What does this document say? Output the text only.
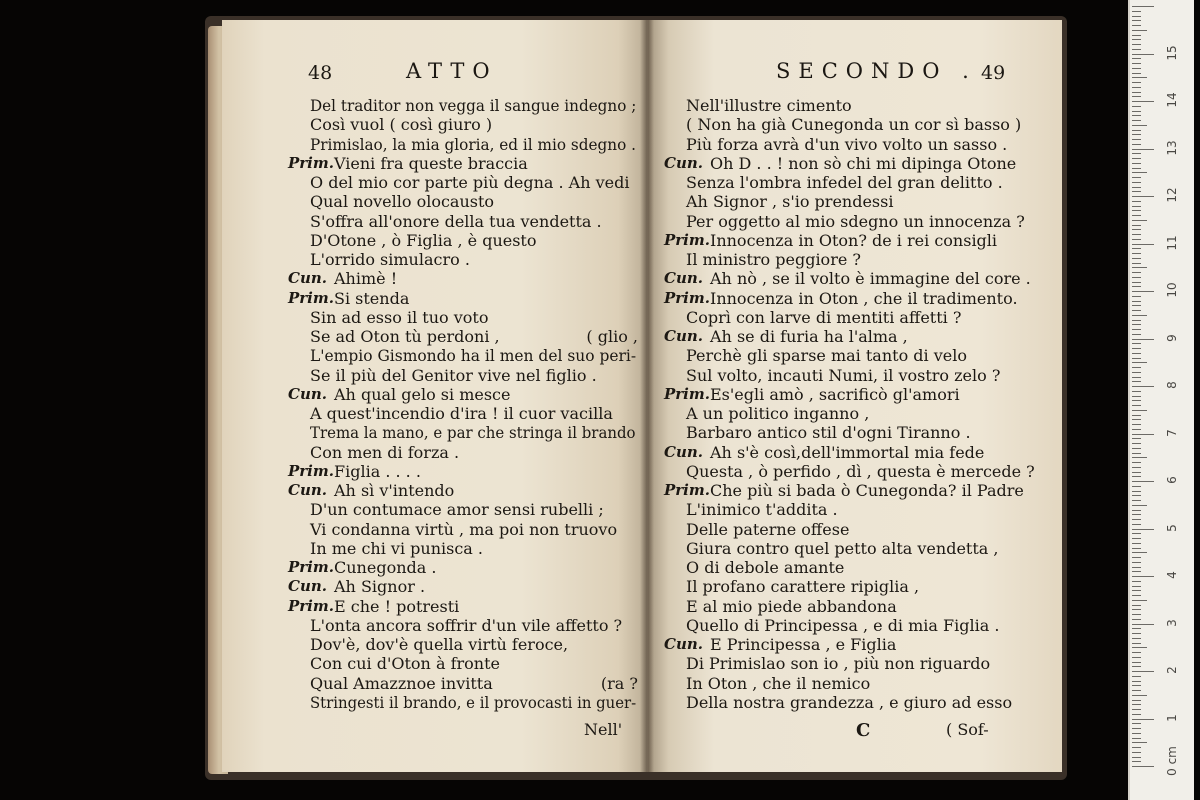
48	ATTO
Del traditor non vegga il sangue indegno ;
Così vuol ( così giuro )
Primislao, la mia gloria, ed il mio sdegno .
Prim. Vieni fra queste braccia
O del mio cor parte più degna . Ah vedi
Qual novello olocausto
S'offra all'onore della tua vendetta .
D'Otone , ò Figlia , è questo
L'orrido simulacro .
Cun. Ahimè !
Prim. Si stenda
Sin ad esso il tuo voto
Se ad Oton tù perdoni ,	( glio ,
L'empio Gismondo ha il men del suo peri-
Se il più del Genitor vive nel figlio .
Cun. Ah qual gelo si mesce
A quest'incendio d'ira ! il cuor vacilla
Trema la mano, e par che stringa il brando
Con men di forza .
Prim. Figlia . . . .
Cun. Ah sì v'intendo
D'un contumace amor sensi rubelli ;
Vi condanna virtù , ma poi non truovo
In me chi vi punisca .
Prim. Cunegonda .
Cun. Ah Signor .
Prim. E che ! potresti
L'onta ancora soffrir d'un vile affetto ?
Dov'è, dov'è quella virtù feroce,
Con cui d'Oton à fronte
Qual Amazznoe invitta	(ra ?
Stringesti il brando, e il provocasti in guer-
Nell'
SECONDO . 49
Nell'illustre cimento
( Non ha già Cunegonda un cor sì basso )
Più forza avrà d'un vivo volto un sasso .
Cun. Oh D . . ! non sò chi mi dipinga Otone
Senza l'ombra infedel del gran delitto .
Ah Signor , s'io prendessi
Per oggetto al mio sdegno un innocenza ?
Prim. Innocenza in Oton? de i rei consigli
Il ministro peggiore ?
Cun. Ah nò , se il volto è immagine del core .
Prim. Innocenza in Oton , che il tradimento.
Coprì con larve di mentiti affetti ?
Cun. Ah se di furia ha l'alma ,
Perchè gli sparse mai tanto di velo
Sul volto, incauti Numi, il vostro zelo ?
Prim. Es'egli amò , sacrificò gl'amori
A un politico inganno ,
Barbaro antico stil d'ogni Tiranno .
Cun. Ah s'è così,dell'immortal mia fede
Questa , ò perfido , dì , questa è mercede ?
Prim. Che più si bada ò Cunegonda? il Padre
L'inimico t'addita .
Delle paterne offese
Giura contro quel petto alta vendetta ,
O di debole amante
Il profano carattere ripiglia ,
E al mio piede abbandona
Quello di Principessa , e di mia Figlia .
Cun. E Principessa , e Figlia
Di Primislao son io , più non riguardo
In Oton , che il nemico
Della nostra grandezza , e giuro ad esso
C	( Sof-
0 cm
1
2
3
4
5
6
7
8
9
10
11
12
13
14
15
